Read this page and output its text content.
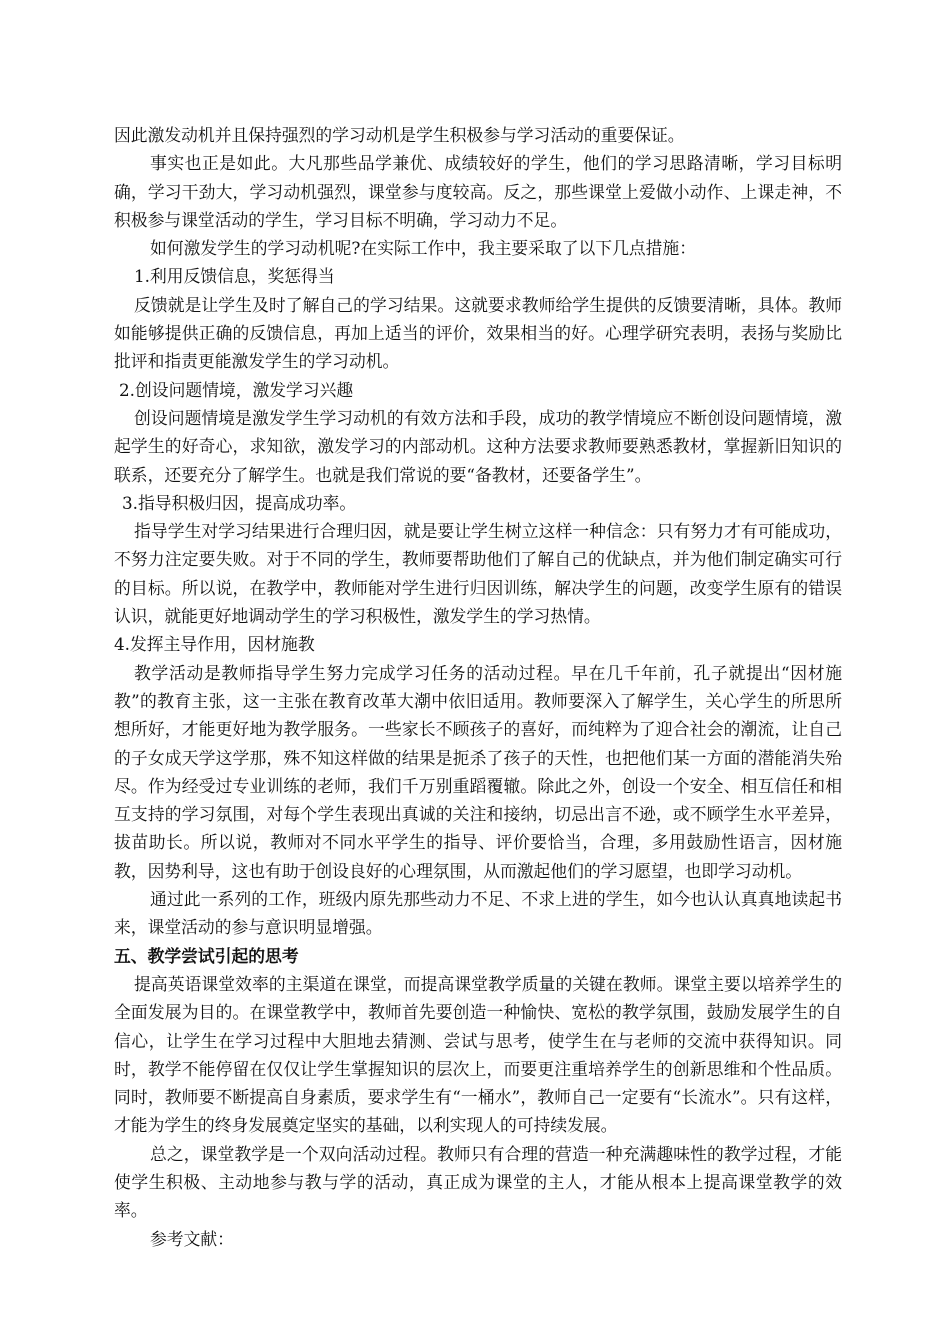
因此激发动机并且保持强烈的学习动机是学生积极参与学习活动的重要保证。

事实也正是如此。大凡那些品学兼优、成绩较好的学生，他们的学习思路清晰，学习目标明确，学习干劲大，学习动机强烈，课堂参与度较高。反之，那些课堂上爱做小动作、上课走神，不积极参与课堂活动的学生，学习目标不明确，学习动力不足。

如何激发学生的学习动机呢?在实际工作中，我主要采取了以下几点措施：

1.利用反馈信息，奖惩得当

反馈就是让学生及时了解自己的学习结果。这就要求教师给学生提供的反馈要清晰，具体。教师如能够提供正确的反馈信息，再加上适当的评价，效果相当的好。心理学研究表明，表扬与奖励比批评和指责更能激发学生的学习动机。

2.创设问题情境，激发学习兴趣

创设问题情境是激发学生学习动机的有效方法和手段，成功的教学情境应不断创设问题情境，激起学生的好奇心，求知欲，激发学习的内部动机。这种方法要求教师要熟悉教材，掌握新旧知识的联系，还要充分了解学生。也就是我们常说的要“备教材，还要备学生”。

3.指导积极归因，提高成功率。

指导学生对学习结果进行合理归因，就是要让学生树立这样一种信念：只有努力才有可能成功，不努力注定要失败。对于不同的学生，教师要帮助他们了解自己的优缺点，并为他们制定确实可行的目标。所以说，在教学中，教师能对学生进行归因训练，解决学生的问题，改变学生原有的错误认识，就能更好地调动学生的学习积极性，激发学生的学习热情。

4.发挥主导作用，因材施教

教学活动是教师指导学生努力完成学习任务的活动过程。早在几千年前，孔子就提出“因材施教”的教育主张，这一主张在教育改革大潮中依旧适用。教师要深入了解学生，关心学生的所思所想所好，才能更好地为教学服务。一些家长不顾孩子的喜好，而纯粹为了迎合社会的潮流，让自己的子女成天学这学那，殊不知这样做的结果是扼杀了孩子的天性，也把他们某一方面的潜能消失殆尽。作为经受过专业训练的老师，我们千万别重蹈覆辙。除此之外，创设一个安全、相互信任和相互支持的学习氛围，对每个学生表现出真诚的关注和接纳，切忌出言不逊，或不顾学生水平差异，拔苗助长。所以说，教师对不同水平学生的指导、评价要恰当，合理，多用鼓励性语言，因材施教，因势利导，这也有助于创设良好的心理氛围，从而激起他们的学习愿望，也即学习动机。

通过此一系列的工作，班级内原先那些动力不足、不求上进的学生，如今也认认真真地读起书来，课堂活动的参与意识明显增强。

五、教学尝试引起的思考

提高英语课堂效率的主渠道在课堂，而提高课堂教学质量的关键在教师。课堂主要以培养学生的全面发展为目的。在课堂教学中，教师首先要创造一种愉快、宽松的教学氛围，鼓励发展学生的自信心，让学生在学习过程中大胆地去猜测、尝试与思考，使学生在与老师的交流中获得知识。同时，教学不能停留在仅仅让学生掌握知识的层次上，而要更注重培养学生的创新思维和个性品质。同时，教师要不断提高自身素质，要求学生有“一桶水”，教师自己一定要有“长流水”。只有这样，才能为学生的终身发展奠定坚实的基础，以利实现人的可持续发展。

总之，课堂教学是一个双向活动过程。教师只有合理的营造一种充满趣味性的教学过程，才能使学生积极、主动地参与教与学的活动，真正成为课堂的主人，才能从根本上提高课堂教学的效率。

参考文献：
